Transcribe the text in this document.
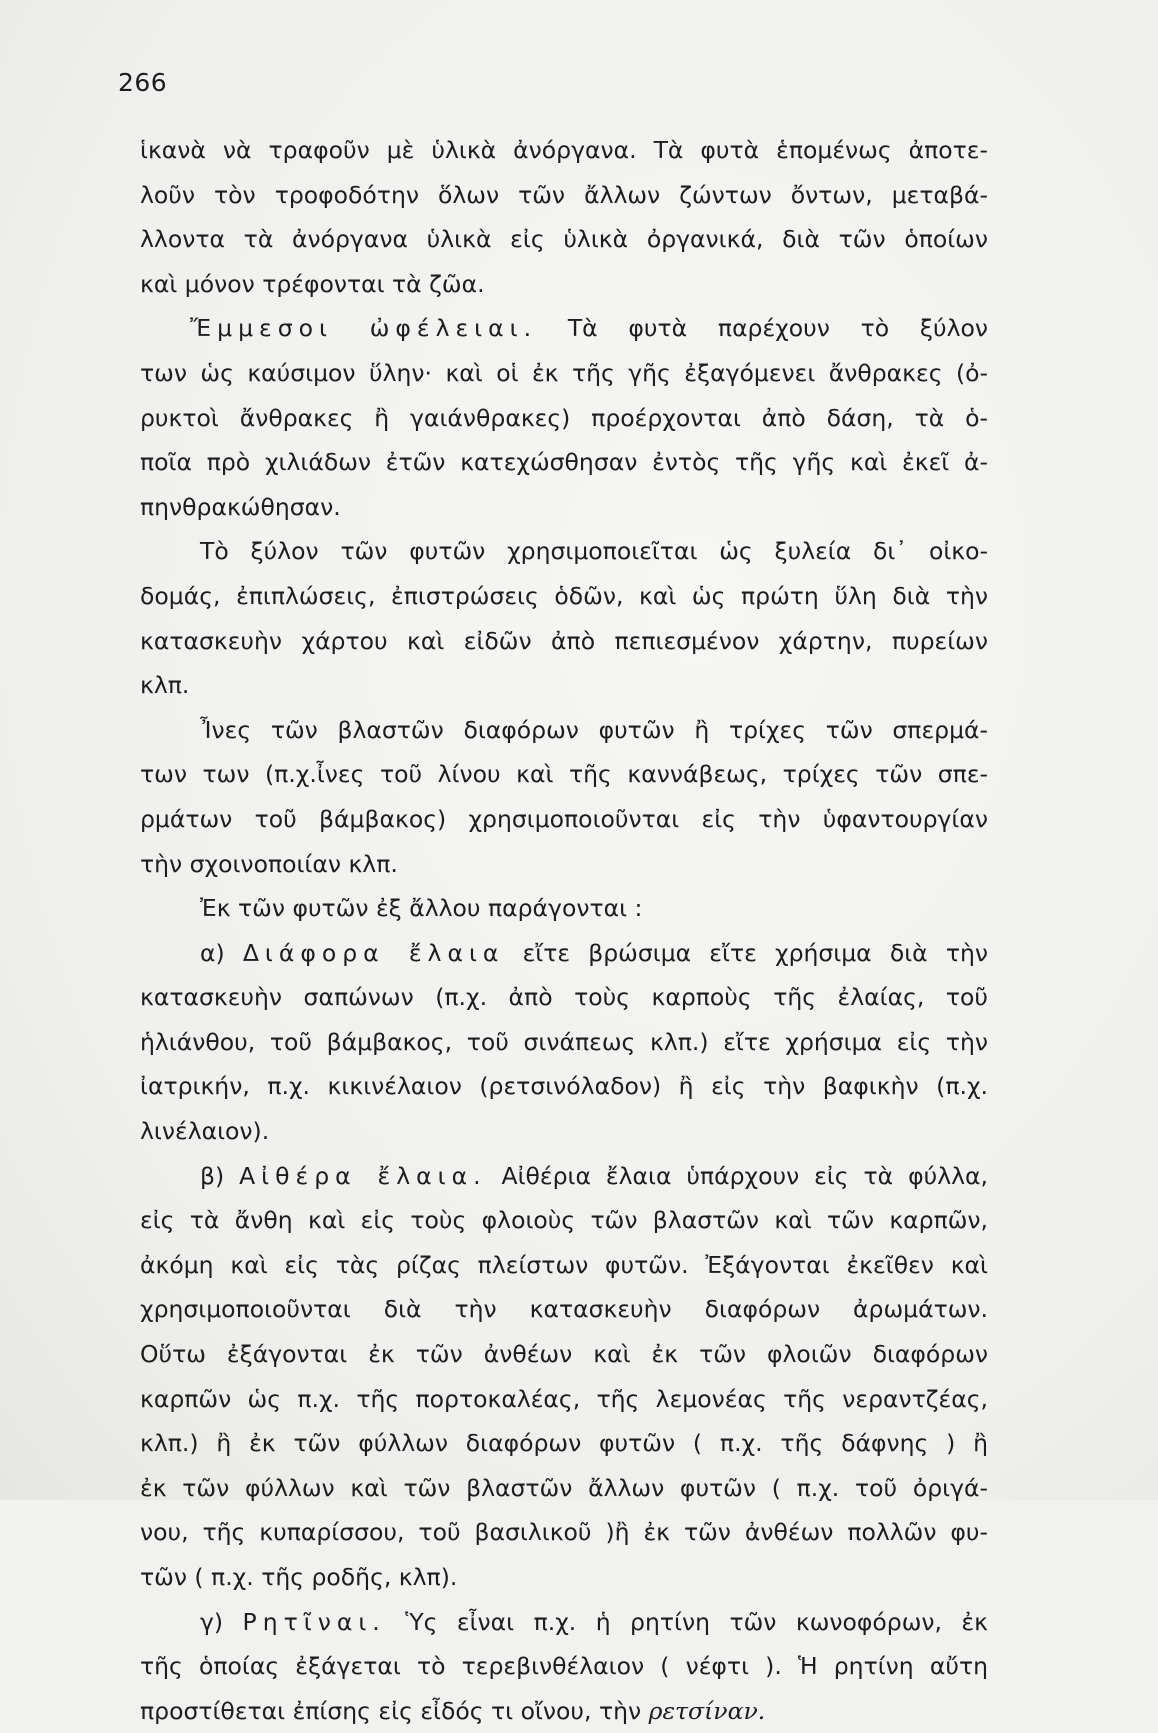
266
ἱκανὰ νὰ τραφοῦν μὲ ὑλικὰ ἀνόργανα. Τὰ φυτὰ ἑπομένως ἀποτε-
λοῦν τὸν τροφοδότην ὅλων τῶν ἄλλων ζώντων ὄντων, μεταβά-
λλοντα τὰ ἀνόργανα ὑλικὰ εἰς ὑλικὰ ὀργανικά, διὰ τῶν ὁποίων
καὶ μόνον τρέφονται τὰ ζῶα.
Ἔμμεσοι ὠφέλειαι. Τὰ φυτὰ παρέχουν τὸ ξύλον
των ὡς καύσιμον ὕλην· καὶ οἱ ἐκ τῆς γῆς ἐξαγόμενει ἄνθρακες (ὀ-
ρυκτοὶ ἄνθρακες ἢ γαιάνθρακες) προέρχονται ἀπὸ δάση, τὰ ὁ-
ποῖα πρὸ χιλιάδων ἐτῶν κατεχώσθησαν ἐντὸς τῆς γῆς καὶ ἐκεῖ ἀ-
πηνθρακώθησαν.
Τὸ ξύλον τῶν φυτῶν χρησιμοποιεῖται ὡς ξυλεία δι᾽ οἰκο-
δομάς, ἐπιπλώσεις, ἐπιστρώσεις ὁδῶν, καὶ ὡς πρώτη ὕλη διὰ τὴν
κατασκευὴν χάρτου καὶ εἰδῶν ἀπὸ πεπιεσμένον χάρτην, πυρείων
κλπ.
Ἶνες τῶν βλαστῶν διαφόρων φυτῶν ἢ τρίχες τῶν σπερμά-
των των (π.χ.ἶνες τοῦ λίνου καὶ τῆς καννάβεως, τρίχες τῶν σπε-
ρμάτων τοῦ βάμβακος) χρησιμοποιοῦνται εἰς τὴν ὑφαντουργίαν
τὴν σχοινοποιίαν κλπ.
Ἐκ τῶν φυτῶν ἐξ ἄλλου παράγονται :
α) Διάφορα ἔλαια εἴτε βρώσιμα εἴτε χρήσιμα διὰ τὴν
κατασκευὴν σαπώνων (π.χ. ἀπὸ τοὺς καρποὺς τῆς ἐλαίας, τοῦ
ἡλιάνθου, τοῦ βάμβακος, τοῦ σινάπεως κλπ.) εἴτε χρήσιμα εἰς τὴν
ἰατρικήν, π.χ. κικινέλαιον (ρετσινόλαδον) ἢ εἰς τὴν βαφικὴν (π.χ.
λινέλαιον).
β) Αἰθέρα ἔλαια. Αἰθέρια ἔλαια ὑπάρχουν εἰς τὰ φύλλα,
εἰς τὰ ἄνθη καὶ εἰς τοὺς φλοιοὺς τῶν βλαστῶν καὶ τῶν καρπῶν,
ἀκόμη καὶ εἰς τὰς ρίζας πλείστων φυτῶν. Ἐξάγονται ἐκεῖθεν καὶ
χρησιμοποιοῦνται διὰ τὴν κατασκευὴν διαφόρων ἀρωμάτων.
Οὕτω ἐξάγονται ἐκ τῶν ἀνθέων καὶ ἐκ τῶν φλοιῶν διαφόρων
καρπῶν ὡς π.χ. τῆς πορτοκαλέας, τῆς λεμονέας τῆς νεραντζέας,
κλπ.) ἢ ἐκ τῶν φύλλων διαφόρων φυτῶν ( π.χ. τῆς δάφνης ) ἢ
ἐκ τῶν φύλλων καὶ τῶν βλαστῶν ἄλλων φυτῶν ( π.χ. τοῦ ὀριγά-
νου, τῆς κυπαρίσσου, τοῦ βασιλικοῦ )ἢ ἐκ τῶν ἀνθέων πολλῶν φυ-
τῶν ( π.χ. τῆς ροδῆς, κλπ).
γ) Ρητῖναι. Ὑς εἶναι π.χ. ἡ ρητίνη τῶν κωνοφόρων, ἐκ
τῆς ὁποίας ἐξάγεται τὸ τερεβινθέλαιον ( νέφτι ). Ἡ ρητίνη αὔτη
προστίθεται ἐπίσης εἰς εἶδός τι οἴνου, τὴν ρετσίναν.
